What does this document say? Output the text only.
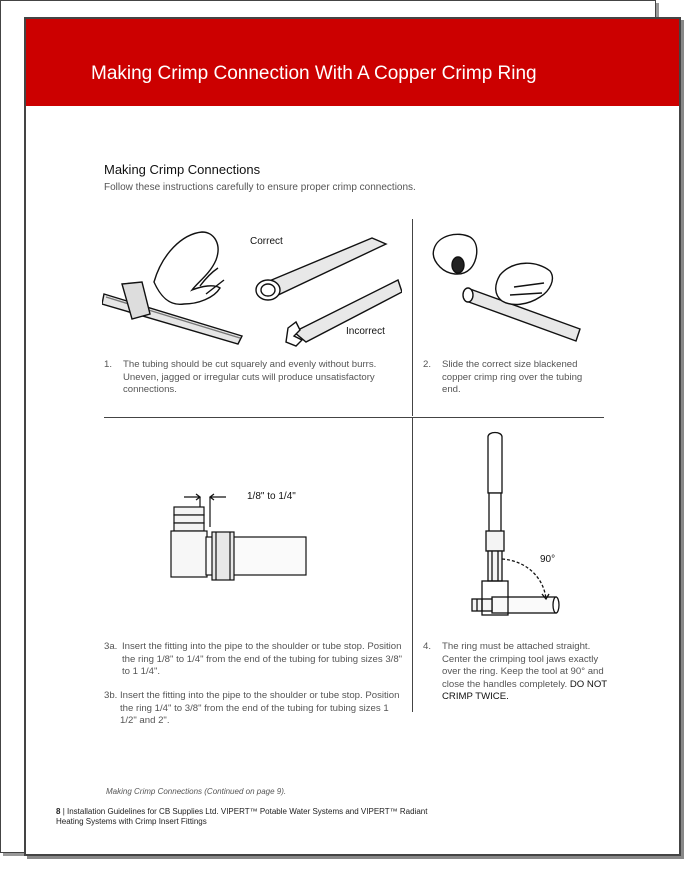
Making Crimp Connection With A Copper Crimp Ring
Making Crimp Connections
Follow these instructions carefully to ensure proper crimp connections.
Correct
Incorrect
1.	The tubing should be cut squarely and evenly without burrs. Uneven, jagged or irregular cuts will produce unsatisfactory connections.
2.	Slide the correct size blackened copper crimp ring over the tubing end.
1/8" to 1/4"
90°
3a. Insert the fitting into the pipe to the shoulder or tube stop. Position the ring 1/8" to 1/4" from the end of the tubing for tubing sizes 3/8" to 1 1/4".
3b. Insert the fitting into the pipe to the shoulder or tube stop. Position the ring 1/4" to 3/8" from the end of the tubing for tubing sizes 1 1/2" and 2".
4.	The ring must be attached straight. Center the crimping tool jaws exactly over the ring. Keep the tool at 90° and close the handles completely. DO NOT CRIMP TWICE.
Making Crimp Connections (Continued on page 9).
8 | Installation Guidelines for CB Supplies Ltd. VIPERT™ Potable Water Systems and VIPERT™ Radiant Heating Systems with Crimp Insert Fittings
